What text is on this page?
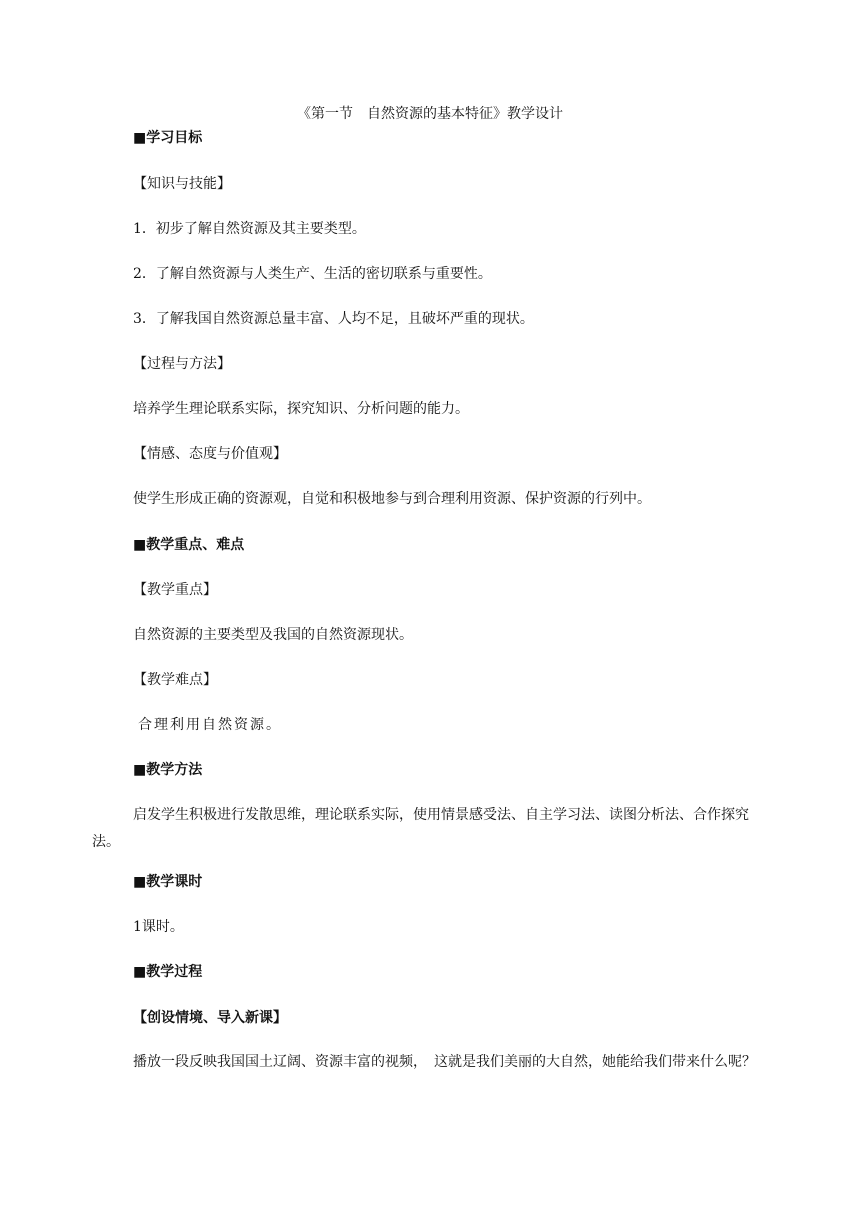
《第一节　自然资源的基本特征》教学设计
■学习目标
【知识与技能】
1．初步了解自然资源及其主要类型。
2．了解自然资源与人类生产、生活的密切联系与重要性。
3．了解我国自然资源总量丰富、人均不足，且破坏严重的现状。
【过程与方法】
培养学生理论联系实际，探究知识、分析问题的能力。
【情感、态度与价值观】
使学生形成正确的资源观，自觉和积极地参与到合理利用资源、保护资源的行列中。
■教学重点、难点
【教学重点】
自然资源的主要类型及我国的自然资源现状。
【教学难点】
合理利用自然资源。
■教学方法
启发学生积极进行发散思维，理论联系实际，使用情景感受法、自主学习法、读图分析法、合作探究法。
■教学课时
1课时。
■教学过程
【创设情境、导入新课】
播放一段反映我国国土辽阔、资源丰富的视频，　这就是我们美丽的大自然，她能给我们带来什么呢？
